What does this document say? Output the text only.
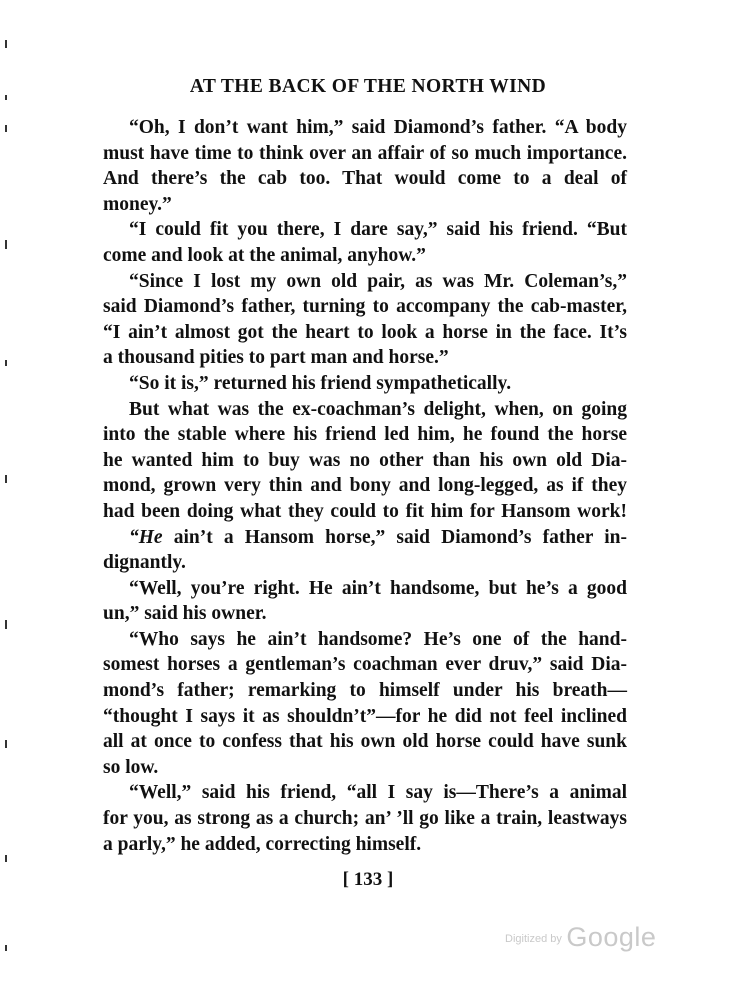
AT THE BACK OF THE NORTH WIND
“Oh, I don’t want him,” said Diamond’s father. “A body
must have time to think over an affair of so much importance.
And there’s the cab too. That would come to a deal of
money.”
“I could fit you there, I dare say,” said his friend. “But
come and look at the animal, anyhow.”
“Since I lost my own old pair, as was Mr. Coleman’s,”
said Diamond’s father, turning to accompany the cab-master,
“I ain’t almost got the heart to look a horse in the face. It’s
a thousand pities to part man and horse.”
“So it is,” returned his friend sympathetically.
But what was the ex-coachman’s delight, when, on going
into the stable where his friend led him, he found the horse
he wanted him to buy was no other than his own old Dia-
mond, grown very thin and bony and long-legged, as if they
had been doing what they could to fit him for Hansom work!
“He ain’t a Hansom horse,” said Diamond’s father in-
dignantly.
“Well, you’re right. He ain’t handsome, but he’s a good
un,” said his owner.
“Who says he ain’t handsome? He’s one of the hand-
somest horses a gentleman’s coachman ever druv,” said Dia-
mond’s father; remarking to himself under his breath—
“thought I says it as shouldn’t”—for he did not feel inclined
all at once to confess that his own old horse could have sunk
so low.
“Well,” said his friend, “all I say is—There’s a animal
for you, as strong as a church; an’ ’ll go like a train, leastways
a parly,” he added, correcting himself.
[ 133 ]
$^{Digitized by}$ Google
